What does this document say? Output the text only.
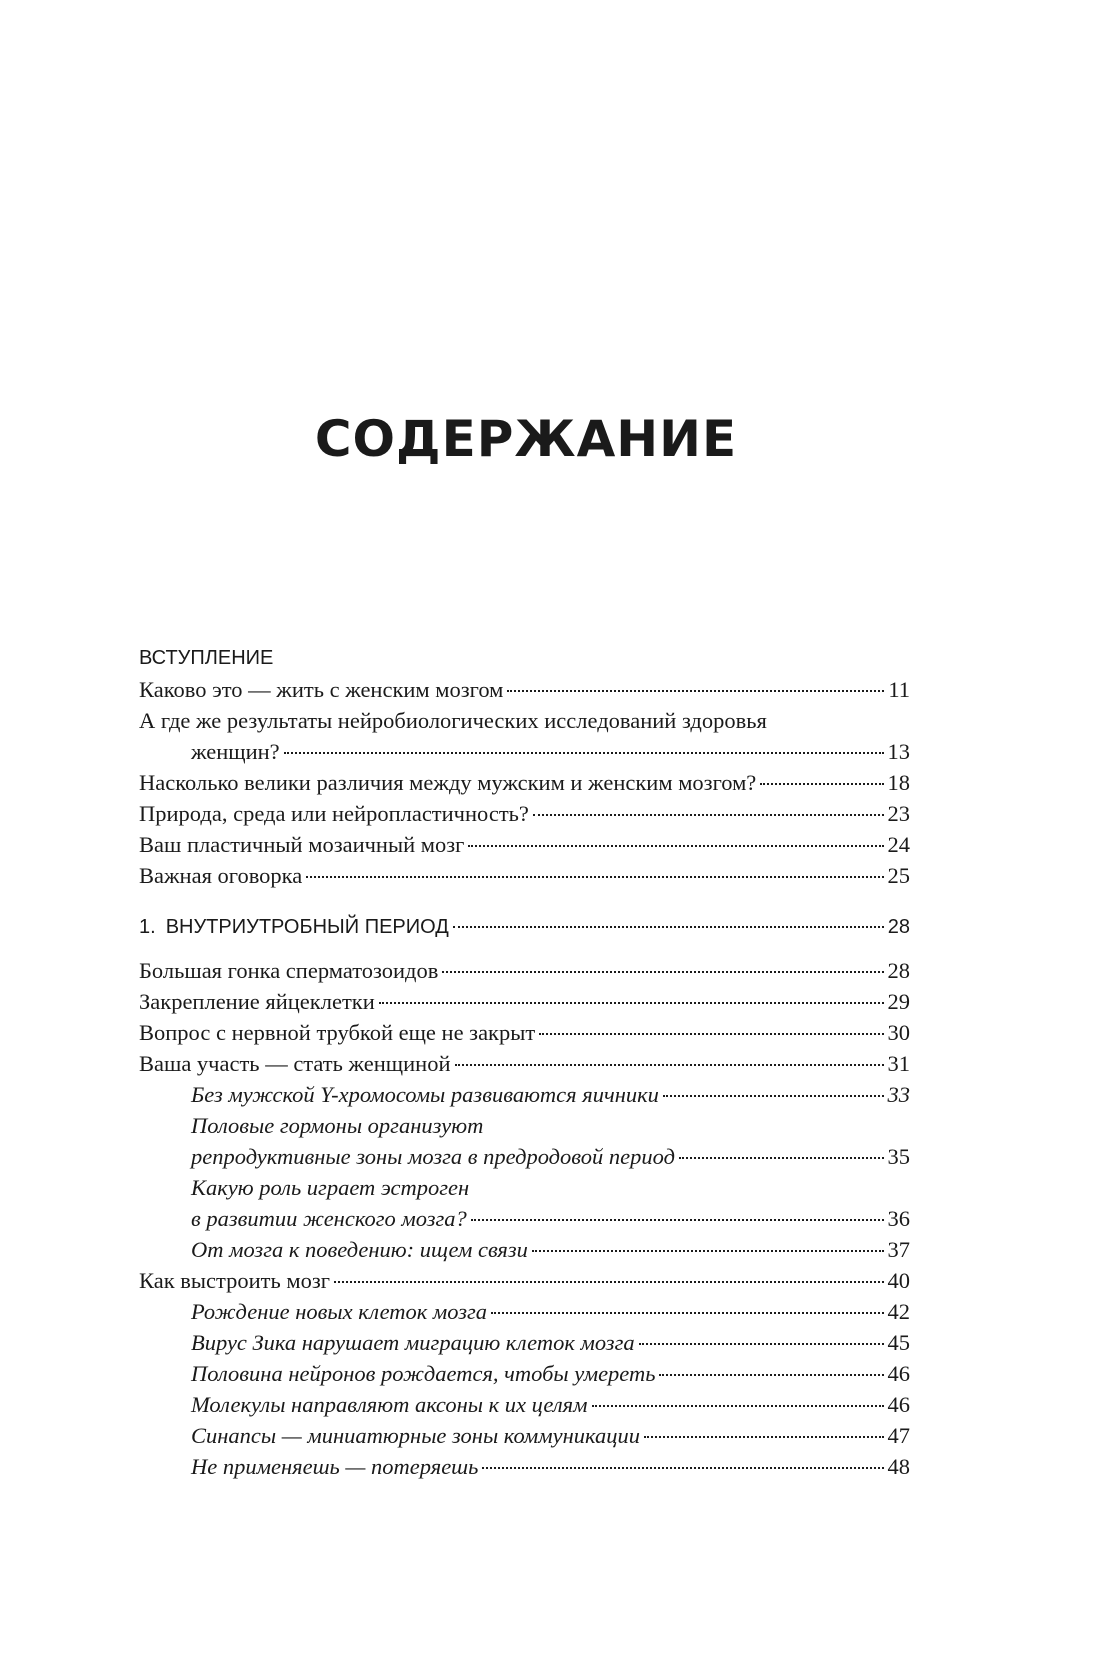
СОДЕРЖАНИЕ
ВСТУПЛЕНИЕ
Каково это — жить с женским мозгом	11
А где же результаты нейробиологических исследований здоровья
женщин?	13
Насколько велики различия между мужским и женским мозгом?	18
Природа, среда или нейропластичность?	23
Ваш пластичный мозаичный мозг	24
Важная оговорка	25
1. ВНУТРИУТРОБНЫЙ ПЕРИОД	28
Большая гонка сперматозоидов	28
Закрепление яйцеклетки	29
Вопрос с нервной трубкой еще не закрыт	30
Ваша участь — стать женщиной	31
Без мужской Y-хромосомы развиваются яичники	33
Половые гормоны организуют
репродуктивные зоны мозга в предродовой период	35
Какую роль играет эстроген
в развитии женского мозга?	36
От мозга к поведению: ищем связи	37
Как выстроить мозг	40
Рождение новых клеток мозга	42
Вирус Зика нарушает миграцию клеток мозга	45
Половина нейронов рождается, чтобы умереть	46
Молекулы направляют аксоны к их целям	46
Синапсы — миниатюрные зоны коммуникации	47
Не применяешь — потеряешь	48
